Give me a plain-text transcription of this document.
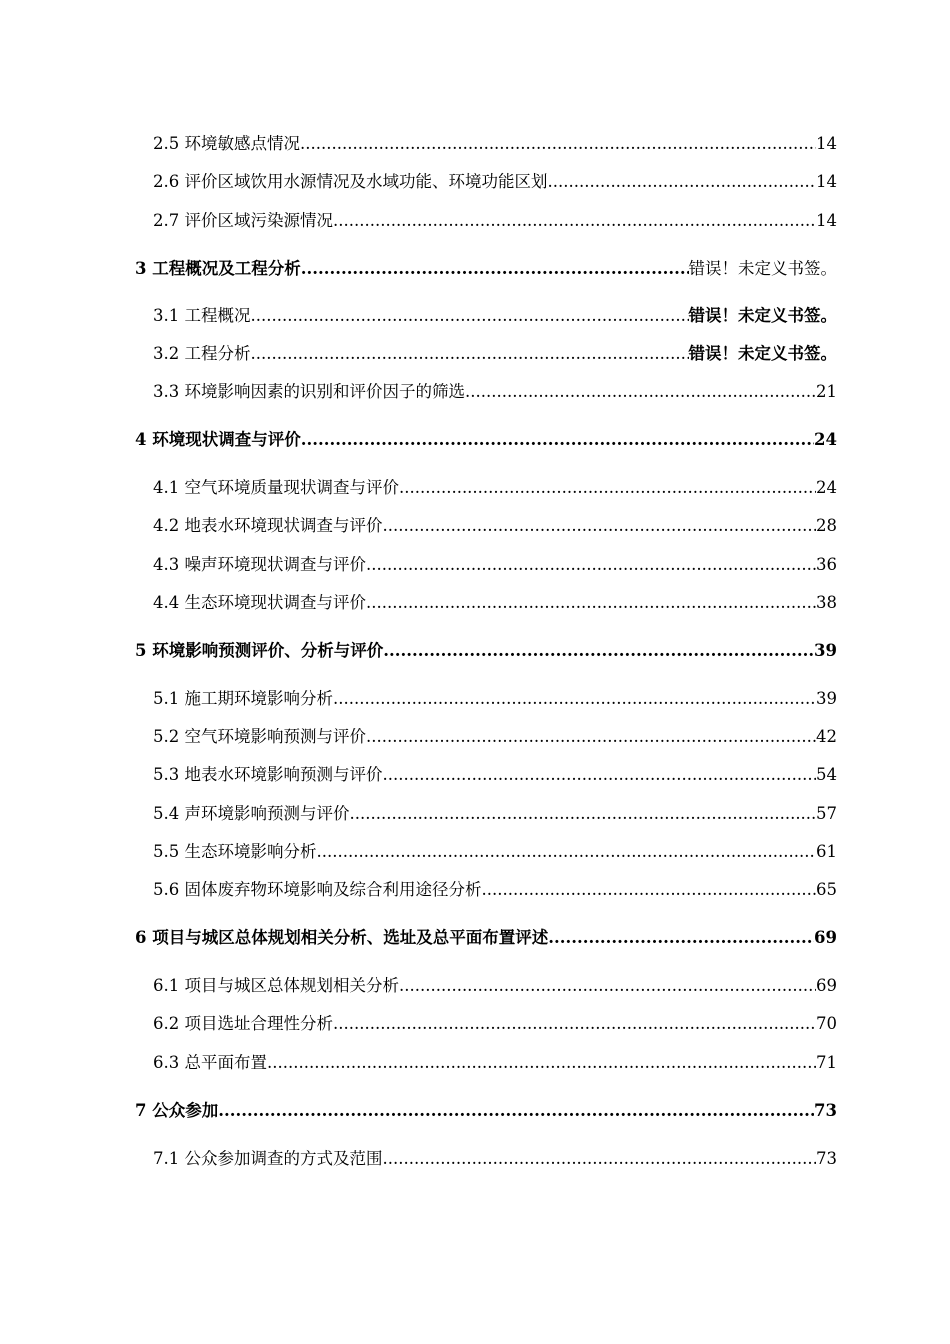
2.5 环境敏感点情况 .....	14
2.6 评价区域饮用水源情况及水域功能、环境功能区划 .....	14
2.7 评价区域污染源情况 .....	14
3 工程概况及工程分析 .....	错误！未定义书签。
3.1 工程概况 .....	错误！未定义书签。
3.2 工程分析 .....	错误！未定义书签。
3.3 环境影响因素的识别和评价因子的筛选 .....	21
4 环境现状调查与评价 .....	24
4.1 空气环境质量现状调查与评价 .....	24
4.2 地表水环境现状调查与评价 .....	28
4.3 噪声环境现状调查与评价 .....	36
4.4 生态环境现状调查与评价 .....	38
5 环境影响预测评价、分析与评价 .....	39
5.1 施工期环境影响分析 .....	39
5.2 空气环境影响预测与评价 .....	42
5.3 地表水环境影响预测与评价 .....	54
5.4 声环境影响预测与评价 .....	57
5.5 生态环境影响分析 .....	61
5.6 固体废弃物环境影响及综合利用途径分析 .....	65
6 项目与城区总体规划相关分析、选址及总平面布置评述 .....	69
6.1 项目与城区总体规划相关分析 .....	69
6.2 项目选址合理性分析 .....	70
6.3 总平面布置 .....	71
7 公众参加 .....	73
7.1 公众参加调查的方式及范围 .....	73
